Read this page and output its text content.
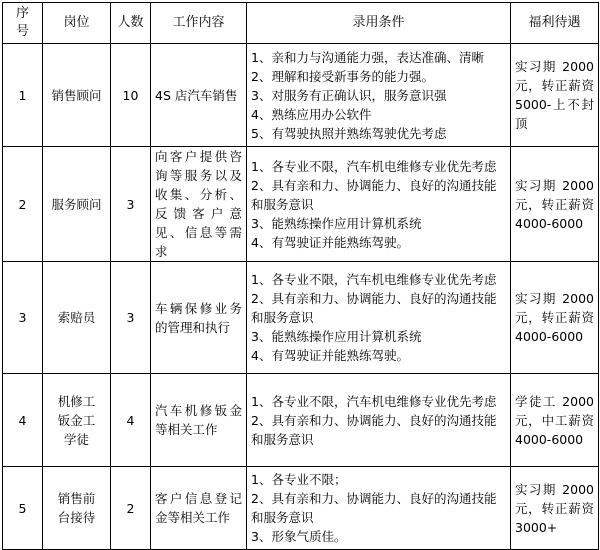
序号	岗位	人数	工作内容	录用条件	福利待遇
1	销售顾问	10	4S 店汽车销售	1、亲和力与沟通能力强，表达准确、清晰
2、理解和接受新事务的能力强。
3、对服务有正确认识，服务意识强
4、熟练应用办公软件
5、有驾驶执照并熟练驾驶优先考虑	实习期 2000 元，转正薪资 5000-上不封顶
2	服务顾问	3	向客户提供咨询等服务以及收集、分析、反馈客户意见、信息等需求	1、各专业不限，汽车机电维修专业优先考虑
2、具有亲和力、协调能力、良好的沟通技能和服务意识
3、能熟练操作应用计算机系统
4、有驾驶证并能熟练驾驶。	实习期 2000 元，转正薪资 4000-6000
3	索赔员	3	车辆保修业务的管理和执行	1、各专业不限，汽车机电维修专业优先考虑
2、具有亲和力、协调能力、良好的沟通技能和服务意识
3、能熟练操作应用计算机系统
4、有驾驶证并能熟练驾驶。	实习期 2000 元，转正薪资 4000-6000
4	机修工钣金工学徒	4	汽车机修钣金等相关工作	1、各专业不限，汽车机电维修专业优先考虑
2、具有亲和力、协调能力、良好的沟通技能和服务意识	学徒工 2000 元，中工薪资 4000-6000
5	销售前台接待	2	客户信息登记金等相关工作	1、各专业不限；
2、具有亲和力、协调能力、良好的沟通技能和服务意识
3、形象气质佳。	实习期 2000 元，转正薪资 3000+
